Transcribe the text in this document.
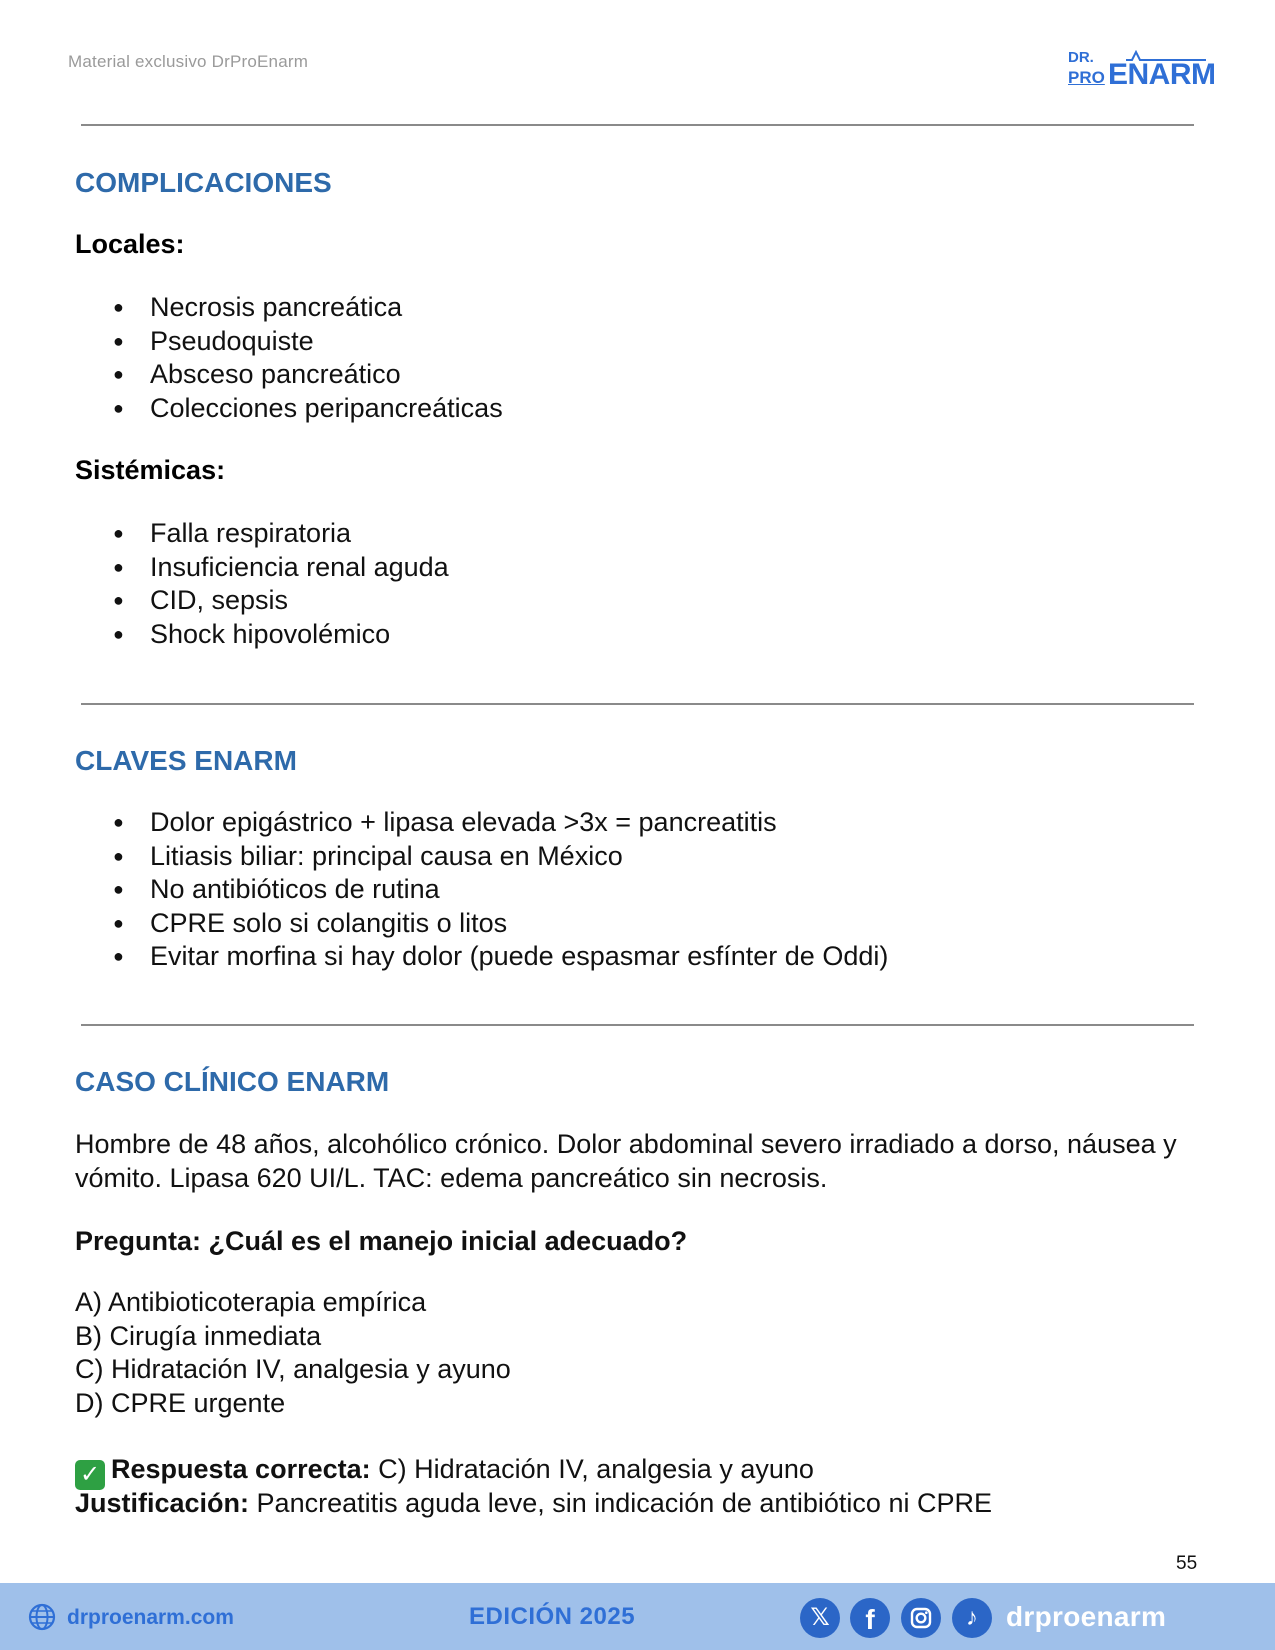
Material exclusivo DrProEnarm	DR.
PRO ENARM
COMPLICACIONES
Locales:
● Necrosis pancreática
● Pseudoquiste
● Absceso pancreático
● Colecciones peripancreáticas
Sistémicas:
● Falla respiratoria
● Insuficiencia renal aguda
● CID, sepsis
● Shock hipovolémico
CLAVES ENARM
● Dolor epigástrico + lipasa elevada >3x = pancreatitis
● Litiasis biliar: principal causa en México
● No antibióticos de rutina
● CPRE solo si colangitis o litos
● Evitar morfina si hay dolor (puede espasmar esfínter de Oddi)
CASO CLÍNICO ENARM
Hombre de 48 años, alcohólico crónico. Dolor abdominal severo irradiado a dorso, náusea y vómito. Lipasa 620 UI/L. TAC: edema pancreático sin necrosis.
Pregunta: ¿Cuál es el manejo inicial adecuado?
A) Antibioticoterapia empírica
B) Cirugía inmediata
C) Hidratación IV, analgesia y ayuno
D) CPRE urgente
✓ Respuesta correcta: C) Hidratación IV, analgesia y ayuno
Justificación: Pancreatitis aguda leve, sin indicación de antibiótico ni CPRE
55
drproenarm.com	EDICIÓN 2025	𝕏	f	♪	drproenarm
